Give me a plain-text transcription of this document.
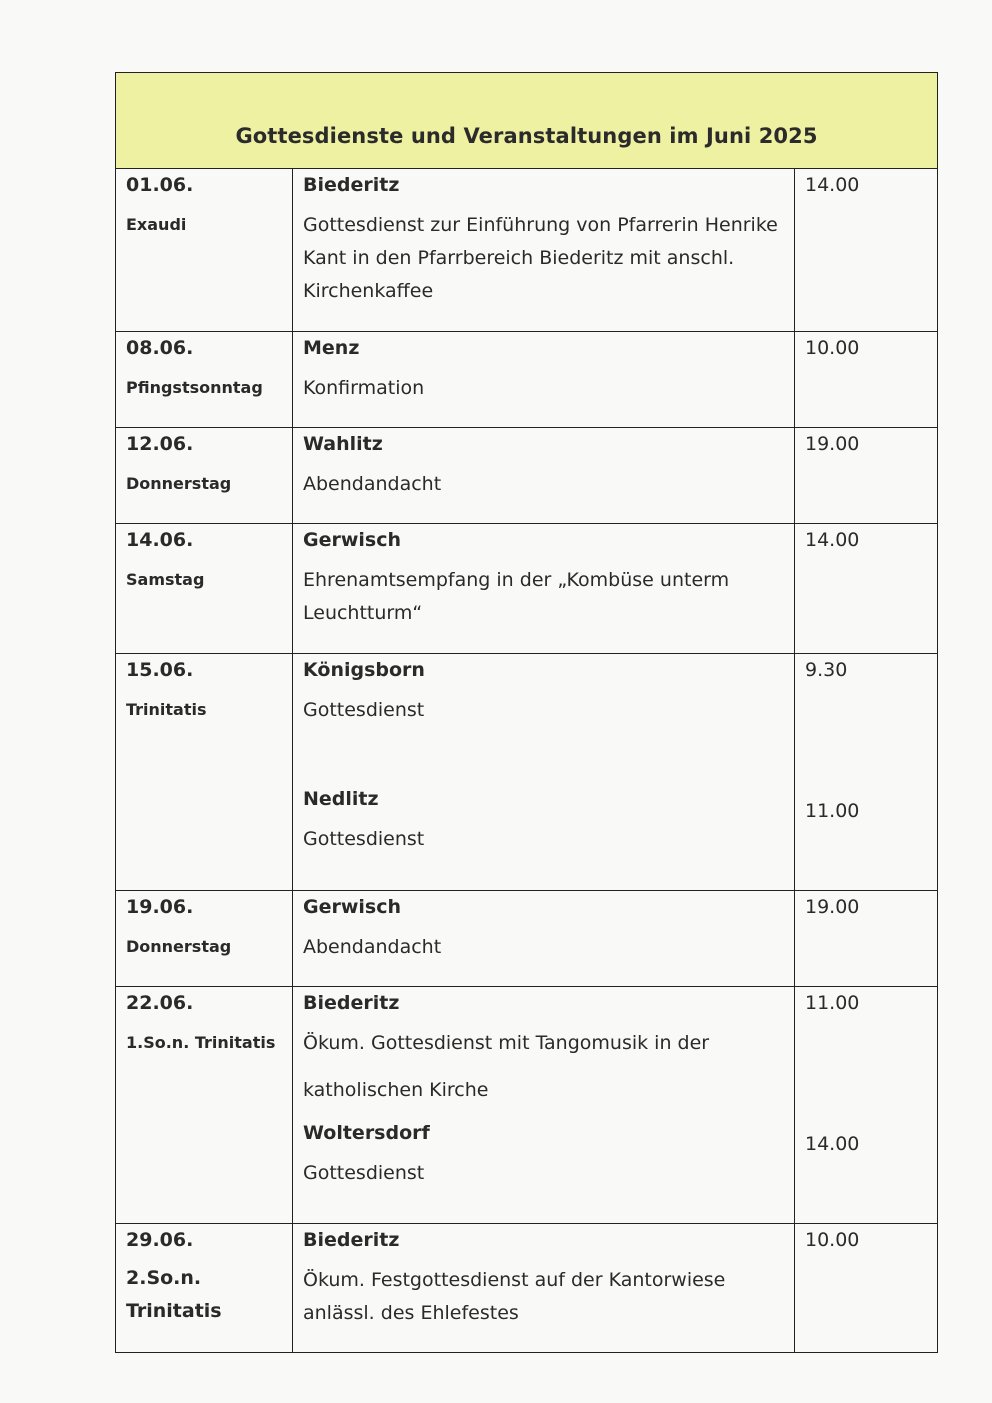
Gottesdienste und Veranstaltungen im Juni 2025
01.06.
Exaudi
Biederitz
Gottesdienst zur Einführung von Pfarrerin Henrike Kant in den Pfarrbereich Biederitz mit anschl. Kirchenkaffee
14.00
08.06.
Pfingstsonntag
Menz
Konfirmation
10.00
12.06.
Donnerstag
Wahlitz
Abendandacht
19.00
14.06.
Samstag
Gerwisch
Ehrenamtsempfang in der „Kombüse unterm Leuchtturm“
14.00
15.06.
Trinitatis
Königsborn
Gottesdienst
Nedlitz
Gottesdienst
9.30
11.00
19.06.
Donnerstag
Gerwisch
Abendandacht
19.00
22.06.
1.So.n. Trinitatis
Biederitz
Ökum. Gottesdienst mit Tangomusik in der
katholischen Kirche
Woltersdorf
Gottesdienst
11.00
14.00
29.06.
2.So.n. Trinitatis
Biederitz
Ökum. Festgottesdienst auf der Kantorwiese anlässl. des Ehlefestes
10.00
